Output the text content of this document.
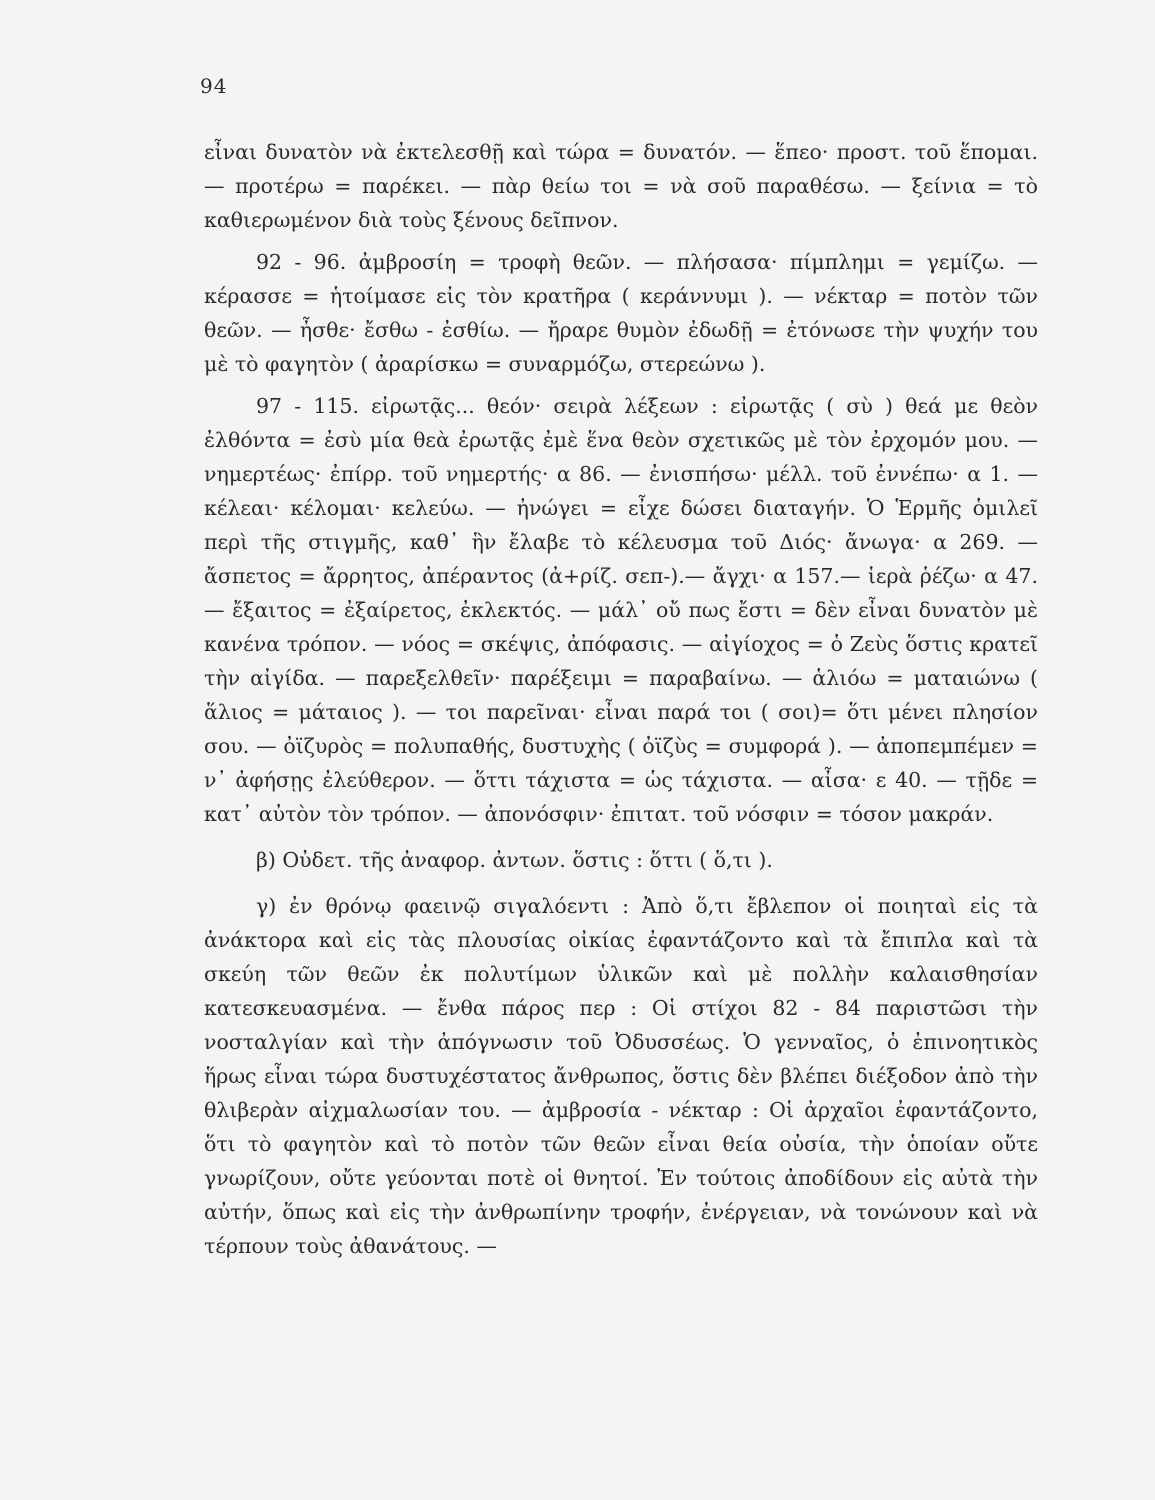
94

εἶναι δυνατὸν νὰ ἐκτελεσθῇ καὶ τώρα = δυνατόν. — ἕπεο· προστ. τοῦ ἕπομαι. — προτέρω = παρέκει. — πὰρ θείω τοι = νὰ σοῦ παραθέσω. — ξείνια = τὸ καθιερωμένον διὰ τοὺς ξένους δεῖπνον.

92 - 96. ἀμβροσίη = τροφὴ θεῶν. — πλήσασα· πίμπλημι = γεμίζω. — κέρασσε = ἡτοίμασε εἰς τὸν κρατῆρα ( κεράννυμι ). — νέκταρ = ποτὸν τῶν θεῶν. — ἦσθε· ἔσθω - ἐσθίω. — ἤραρε θυμὸν ἐδωδῇ = ἐτόνωσε τὴν ψυχήν του μὲ τὸ φαγητὸν ( ἀραρίσκω = συναρμόζω, στερεώνω ).

97 - 115. εἰρωτᾷς... θεόν· σειρὰ λέξεων : εἰρωτᾷς ( σὺ ) θεά με θεὸν ἐλθόντα = ἐσὺ μία θεὰ ἐρωτᾷς ἐμὲ ἕνα θεὸν σχετικῶς μὲ τὸν ἐρχομόν μου. — νημερτέως· ἐπίρρ. τοῦ νημερτής· α 86. — ἐνισπήσω· μέλλ. τοῦ ἐννέπω· α 1. — κέλεαι· κέλομαι· κελεύω. — ἠνώγει = εἶχε δώσει διαταγήν. Ὁ Ἑρμῆς ὁμιλεῖ περὶ τῆς στιγμῆς, καθ᾽ ἣν ἔλαβε τὸ κέλευσμα τοῦ Διός· ἄνωγα· α 269. — ἄσπετος = ἄρρητος, ἀπέραντος (ἀ+ρίζ. σεπ-).— ἄγχι· α 157.— ἱερὰ ῥέζω· α 47.— ἔξαιτος = ἐξαίρετος, ἐκλεκτός. — μάλ᾽ οὔ πως ἔστι = δὲν εἶναι δυνατὸν μὲ κανένα τρόπον. — νόος = σκέψις, ἀπόφασις. — αἰγίοχος = ὁ Ζεὺς ὅστις κρατεῖ τὴν αἰγίδα. — παρεξελθεῖν· παρέξειμι = παραβαίνω. — ἁλιόω = ματαιώνω ( ἅλιος = μάταιος ). — τοι παρεῖναι· εἶναι παρά τοι ( σοι)= ὅτι μένει πλησίον σου. — ὀϊζυρὸς = πολυπαθής, δυστυχὴς ( ὀϊζὺς = συμφορά ). — ἀποπεμπέμεν = ν᾽ ἀφήσῃς ἐλεύθερον. — ὅττι τάχιστα = ὡς τάχιστα. — αἶσα· ε 40. — τῇδε = κατ᾽ αὐτὸν τὸν τρόπον. — ἀπονόσφιν· ἐπιτατ. τοῦ νόσφιν = τόσον μακράν.

β) Οὐδετ. τῆς ἀναφορ. ἀντων. ὅστις : ὅττι ( ὅ,τι ).

γ) ἐν θρόνῳ φαεινῷ σιγαλόεντι : Ἀπὸ ὅ,τι ἔβλεπον οἱ ποιηταὶ εἰς τὰ ἀνάκτορα καὶ εἰς τὰς πλουσίας οἰκίας ἐφαντάζοντο καὶ τὰ ἔπιπλα καὶ τὰ σκεύη τῶν θεῶν ἐκ πολυτίμων ὑλικῶν καὶ μὲ πολλὴν καλαισθησίαν κατεσκευασμένα. — ἔνθα πάρος περ : Οἱ στίχοι 82 - 84 παριστῶσι τὴν νοσταλγίαν καὶ τὴν ἀπόγνωσιν τοῦ Ὀδυσσέως. Ὁ γενναῖος, ὁ ἐπινοητικὸς ἥρως εἶναι τώρα δυστυχέστατος ἄνθρωπος, ὅστις δὲν βλέπει διέξοδον ἀπὸ τὴν θλιβερὰν αἰχμαλωσίαν του. — ἀμβροσία - νέκταρ : Οἱ ἀρχαῖοι ἐφαντάζοντο, ὅτι τὸ φαγητὸν καὶ τὸ ποτὸν τῶν θεῶν εἶναι θεία οὐσία, τὴν ὁποίαν οὔτε γνωρίζουν, οὔτε γεύονται ποτὲ οἱ θνητοί. Ἐν τούτοις ἀποδίδουν εἰς αὐτὰ τὴν αὐτήν, ὅπως καὶ εἰς τὴν ἀνθρωπίνην τροφήν, ἐνέργειαν, νὰ τονώνουν καὶ νὰ τέρπουν τοὺς ἀθανάτους. —
